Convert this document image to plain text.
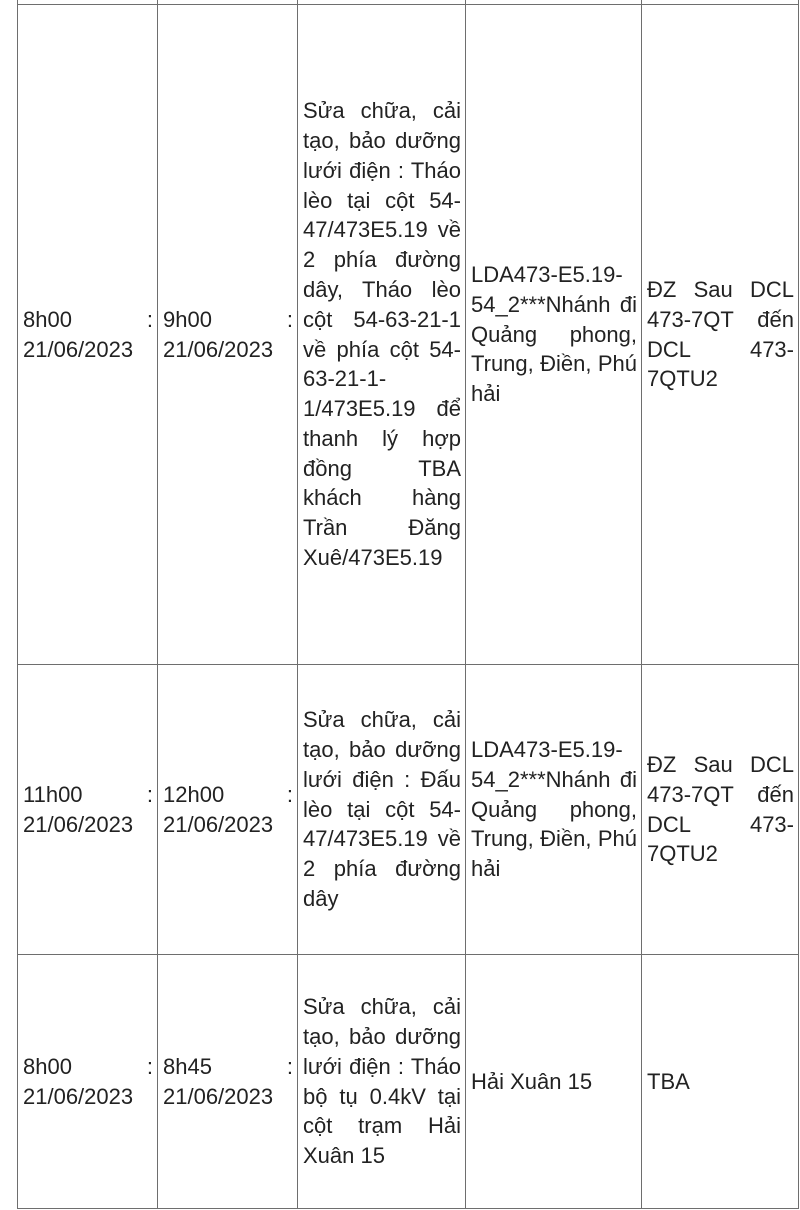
8h00 : 21/06/2023	9h00 : 21/06/2023	Sửa chữa, cải tạo, bảo dưỡng lưới điện : Tháo lèo tại cột 54-47/473E5.19 về 2 phía đường dây, Tháo lèo cột 54-63-21-1 về phía cột 54-63-21-1-1/473E5.19 để thanh lý hợp đồng TBA khách hàng Trần Đăng Xuê/473E5.19	LDA473-E5.19-54_2***Nhánh đi Quảng phong, Trung, Điền, Phú hải	ĐZ Sau DCL 473-7QT đến DCL 473-7QTU2
11h00 : 21/06/2023	12h00 : 21/06/2023	Sửa chữa, cải tạo, bảo dưỡng lưới điện : Đấu lèo tại cột 54-47/473E5.19 về 2 phía đường dây	LDA473-E5.19-54_2***Nhánh đi Quảng phong, Trung, Điền, Phú hải	ĐZ Sau DCL 473-7QT đến DCL 473-7QTU2
8h00 : 21/06/2023	8h45 : 21/06/2023	Sửa chữa, cải tạo, bảo dưỡng lưới điện : Tháo bộ tụ 0.4kV tại cột trạm Hải Xuân 15	Hải Xuân 15	TBA
